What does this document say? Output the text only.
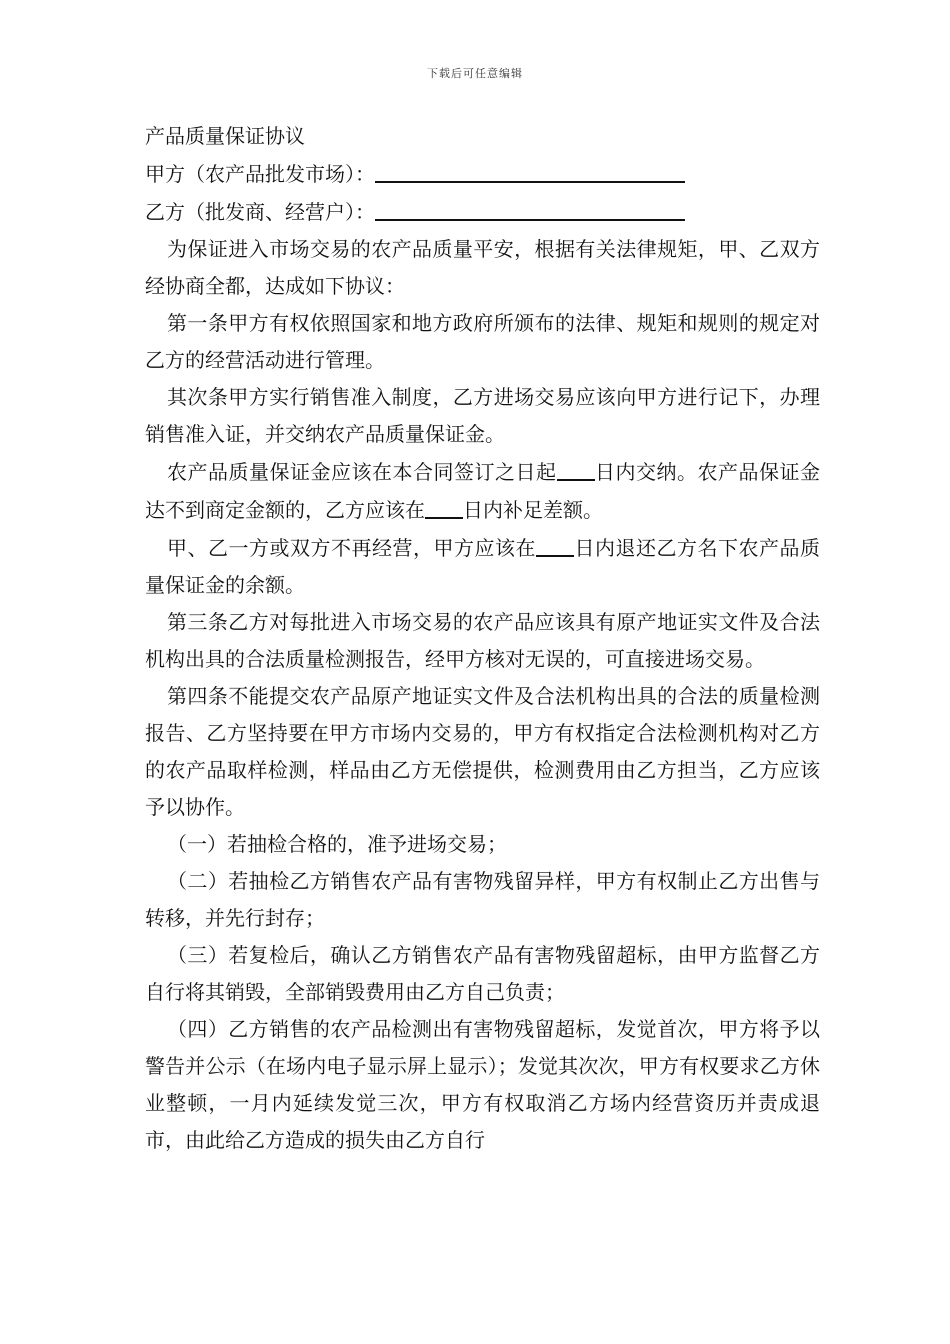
下载后可任意编辑

产品质量保证协议

甲方（农产品批发市场）：

乙方（批发商、经营户）：

为保证进入市场交易的农产品质量平安，根据有关法律规矩，甲、乙双方经协商全都，达成如下协议：

第一条甲方有权依照国家和地方政府所颁布的法律、规矩和规则的规定对乙方的经营活动进行管理。

其次条甲方实行销售准入制度，乙方进场交易应该向甲方进行记下，办理销售准入证，并交纳农产品质量保证金。

农产品质量保证金应该在本合同签订之日起 日内交纳。农产品保证金达不到商定金额的，乙方应该在 日内补足差额。

甲、乙一方或双方不再经营，甲方应该在 日内退还乙方名下农产品质量保证金的余额。

第三条乙方对每批进入市场交易的农产品应该具有原产地证实文件及合法机构出具的合法质量检测报告，经甲方核对无误的，可直接进场交易。

第四条不能提交农产品原产地证实文件及合法机构出具的合法的质量检测报告、乙方坚持要在甲方市场内交易的，甲方有权指定合法检测机构对乙方的农产品取样检测，样品由乙方无偿提供，检测费用由乙方担当，乙方应该予以协作。

（一）若抽检合格的，准予进场交易；

（二）若抽检乙方销售农产品有害物残留异样，甲方有权制止乙方出售与转移，并先行封存；

（三）若复检后，确认乙方销售农产品有害物残留超标，由甲方监督乙方自行将其销毁，全部销毁费用由乙方自己负责；

（四）乙方销售的农产品检测出有害物残留超标，发觉首次，甲方将予以警告并公示（在场内电子显示屏上显示）；发觉其次次，甲方有权要求乙方休业整顿，一月内延续发觉三次，甲方有权取消乙方场内经营资历并责成退市，由此给乙方造成的损失由乙方自行
